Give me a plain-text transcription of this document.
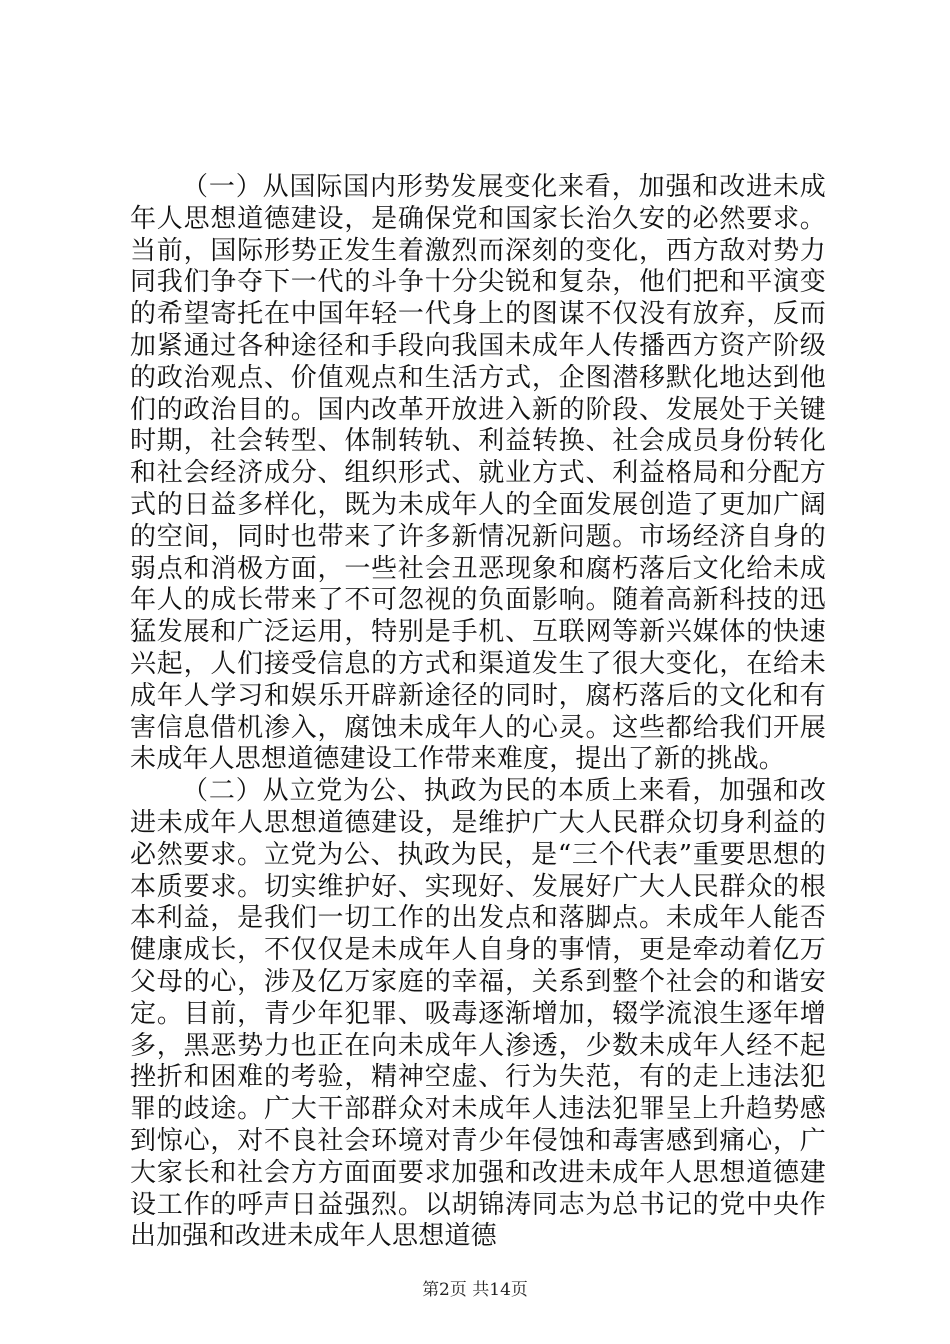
（一）从国际国内形势发展变化来看，加强和改进未成年人思想道德建设，是确保党和国家长治久安的必然要求。当前，国际形势正发生着激烈而深刻的变化，西方敌对势力同我们争夺下一代的斗争十分尖锐和复杂，他们把和平演变的希望寄托在中国年轻一代身上的图谋不仅没有放弃，反而加紧通过各种途径和手段向我国未成年人传播西方资产阶级的政治观点、价值观点和生活方式，企图潜移默化地达到他们的政治目的。国内改革开放进入新的阶段、发展处于关键时期，社会转型、体制转轨、利益转换、社会成员身份转化和社会经济成分、组织形式、就业方式、利益格局和分配方式的日益多样化，既为未成年人的全面发展创造了更加广阔的空间，同时也带来了许多新情况新问题。市场经济自身的弱点和消极方面，一些社会丑恶现象和腐朽落后文化给未成年人的成长带来了不可忽视的负面影响。随着高新科技的迅猛发展和广泛运用，特别是手机、互联网等新兴媒体的快速兴起，人们接受信息的方式和渠道发生了很大变化，在给未成年人学习和娱乐开辟新途径的同时，腐朽落后的文化和有害信息借机渗入，腐蚀未成年人的心灵。这些都给我们开展未成年人思想道德建设工作带来难度，提出了新的挑战。

（二）从立党为公、执政为民的本质上来看，加强和改进未成年人思想道德建设，是维护广大人民群众切身利益的必然要求。立党为公、执政为民，是“三个代表”重要思想的本质要求。切实维护好、实现好、发展好广大人民群众的根本利益，是我们一切工作的出发点和落脚点。未成年人能否健康成长，不仅仅是未成年人自身的事情，更是牵动着亿万父母的心，涉及亿万家庭的幸福，关系到整个社会的和谐安定。目前，青少年犯罪、吸毒逐渐增加，辍学流浪生逐年增多，黑恶势力也正在向未成年人渗透，少数未成年人经不起挫折和困难的考验，精神空虚、行为失范，有的走上违法犯罪的歧途。广大干部群众对未成年人违法犯罪呈上升趋势感到惊心，对不良社会环境对青少年侵蚀和毒害感到痛心，广大家长和社会方方面面要求加强和改进未成年人思想道德建设工作的呼声日益强烈。以胡锦涛同志为总书记的党中央作出加强和改进未成年人思想道德

第2页 共14页
